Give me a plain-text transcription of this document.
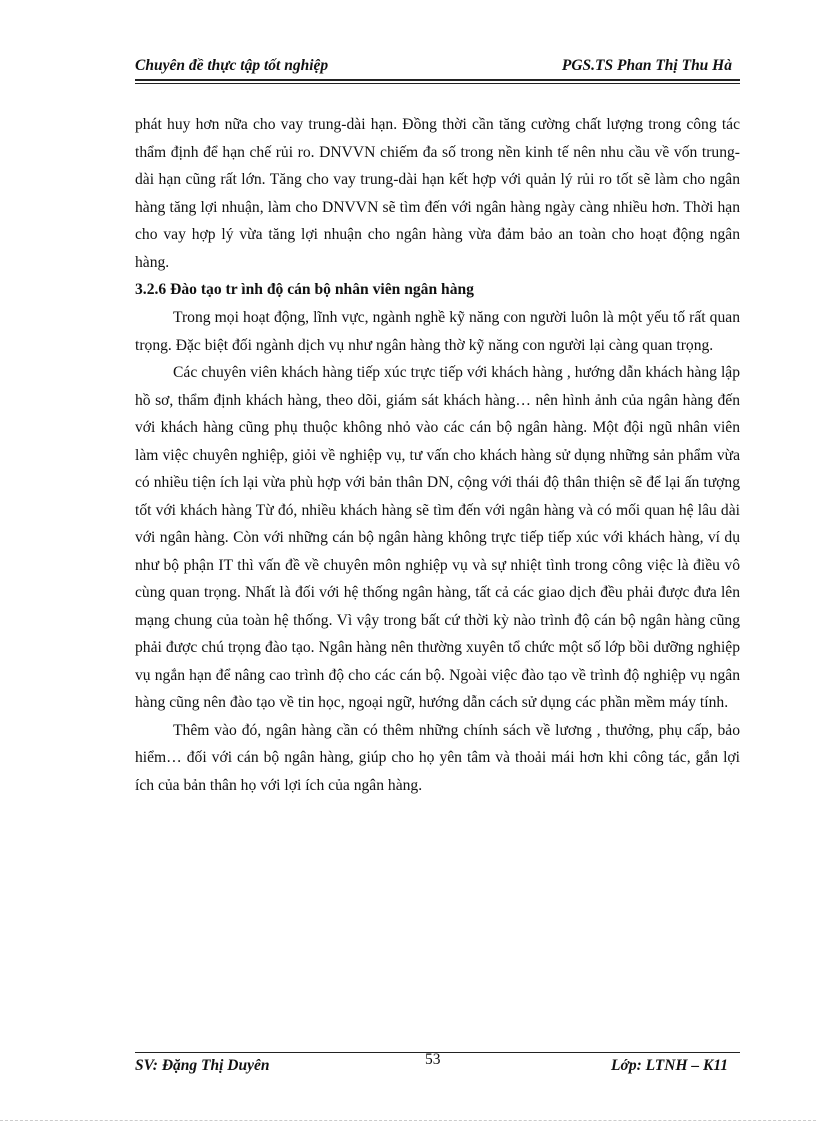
Chuyên đề thực tập tốt nghiệp	PGS.TS Phan Thị Thu Hà

phát huy hơn nữa cho vay trung-dài hạn. Đồng thời cần tăng cường chất lượng trong công tác thẩm định để hạn chế rủi ro. DNVVN chiếm đa số trong nền kinh tế nên nhu cầu về vốn trung-dài hạn cũng rất lớn. Tăng cho vay trung-dài hạn kết hợp với quản lý rủi ro tốt sẽ làm cho ngân hàng tăng lợi nhuận, làm cho DNVVN sẽ tìm đến với ngân hàng ngày càng nhiều hơn. Thời hạn cho vay hợp lý vừa tăng lợi nhuận cho ngân hàng vừa đảm bảo an toàn cho hoạt động ngân hàng.

3.2.6 Đào tạo tr ình độ cán bộ nhân viên ngân hàng

Trong mọi hoạt động, lĩnh vực, ngành nghề kỹ năng con người luôn là một yếu tố rất quan trọng. Đặc biệt đối ngành dịch vụ như ngân hàng thờ kỹ năng con người lại càng quan trọng.

Các chuyên viên khách hàng tiếp xúc trực tiếp với khách hàng , hướng dẫn khách hàng lập hồ sơ, thẩm định khách hàng, theo dõi, giám sát khách hàng… nên hình ảnh của ngân hàng đến với khách hàng cũng phụ thuộc không nhỏ vào các cán bộ ngân hàng. Một đội ngũ nhân viên làm việc chuyên nghiệp, giỏi về nghiệp vụ, tư vấn cho khách hàng sử dụng những sản phẩm vừa có nhiều tiện ích lại vừa phù hợp với bản thân DN, cộng với thái độ thân thiện sẽ để lại ấn tượng tốt với khách hàng Từ đó, nhiều khách hàng sẽ tìm đến với ngân hàng và có mối quan hệ lâu dài với ngân hàng. Còn với những cán bộ ngân hàng không trực tiếp tiếp xúc với khách hàng, ví dụ như bộ phận IT thì vấn đề về chuyên môn nghiệp vụ và sự nhiệt tình trong công việc là điều vô cùng quan trọng. Nhất là đối với hệ thống ngân hàng, tất cả các giao dịch đều phải được đưa lên mạng chung của toàn hệ thống. Vì vậy trong bất cứ thời kỳ nào trình độ cán bộ ngân hàng cũng phải được chú trọng đào tạo. Ngân hàng nên thường xuyên tổ chức một số lớp bồi dưỡng nghiệp vụ ngắn hạn để nâng cao trình độ cho các cán bộ. Ngoài việc đào tạo về trình độ nghiệp vụ ngân hàng cũng nên đào tạo về tin học, ngoại ngữ, hướng dẫn cách sử dụng các phần mềm máy tính.

Thêm vào đó, ngân hàng cần có thêm những chính sách về lương , thưởng, phụ cấp, bảo hiểm… đối với cán bộ ngân hàng, giúp cho họ yên tâm và thoải mái hơn khi công tác, gắn lợi ích của bản thân họ với lợi ích của ngân hàng.

SV: Đặng Thị Duyên	53	Lớp: LTNH – K11
